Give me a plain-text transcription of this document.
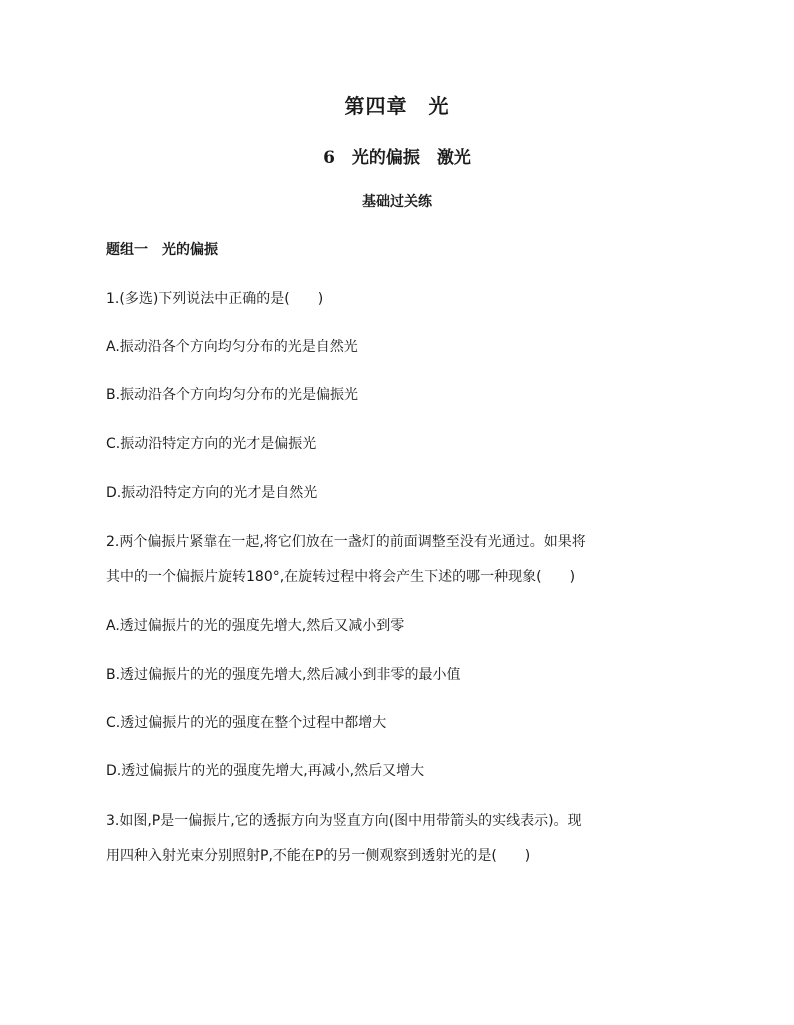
第四章　光
6　光的偏振　激光
基础过关练
题组一　光的偏振
1.(多选)下列说法中正确的是(　　)
A.振动沿各个方向均匀分布的光是自然光
B.振动沿各个方向均匀分布的光是偏振光
C.振动沿特定方向的光才是偏振光
D.振动沿特定方向的光才是自然光
2.两个偏振片紧靠在一起,将它们放在一盏灯的前面调整至没有光通过。如果将
其中的一个偏振片旋转180°,在旋转过程中将会产生下述的哪一种现象(　　)
A.透过偏振片的光的强度先增大,然后又减小到零
B.透过偏振片的光的强度先增大,然后减小到非零的最小值
C.透过偏振片的光的强度在整个过程中都增大
D.透过偏振片的光的强度先增大,再减小,然后又增大
3.如图,P是一偏振片,它的透振方向为竖直方向(图中用带箭头的实线表示)。现
用四种入射光束分别照射P,不能在P的另一侧观察到透射光的是(　　)
